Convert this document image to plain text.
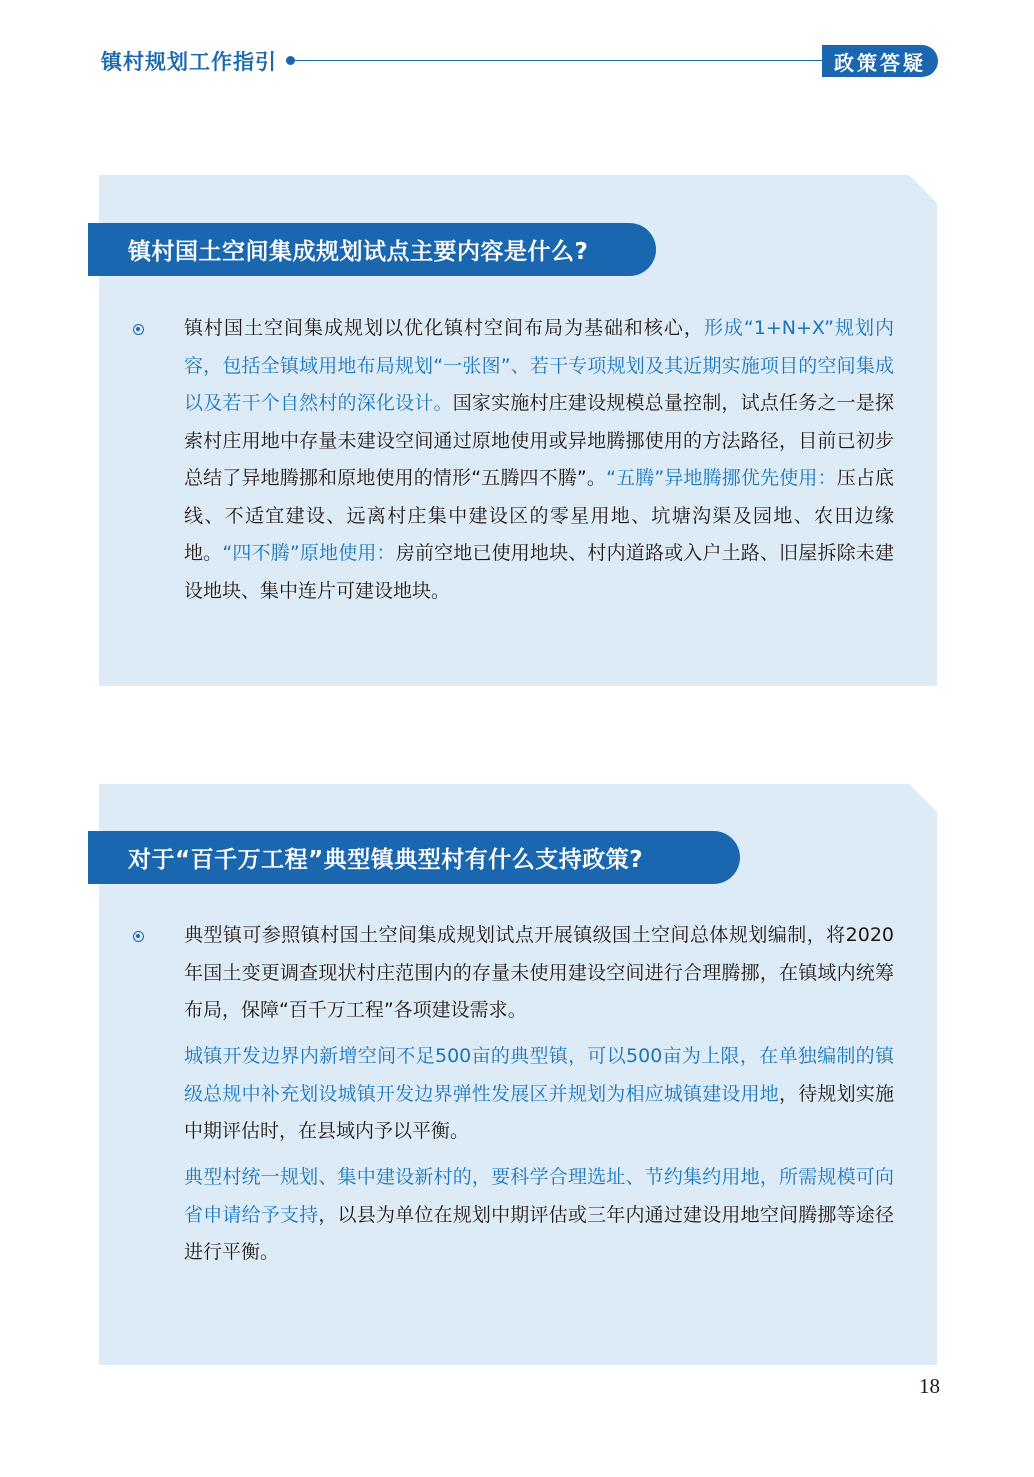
镇村规划工作指引	政策答疑
镇村国土空间集成规划试点主要内容是什么?

镇村国土空间集成规划以优化镇村空间布局为基础和核心，形成“1+N+X”规划内容，包括全镇域用地布局规划“一张图”、若干专项规划及其近期实施项目的空间集成以及若干个自然村的深化设计。国家实施村庄建设规模总量控制，试点任务之一是探索村庄用地中存量未建设空间通过原地使用或异地腾挪使用的方法路径，目前已初步总结了异地腾挪和原地使用的情形“五腾四不腾”。“五腾”异地腾挪优先使用：压占底线、不适宜建设、远离村庄集中建设区的零星用地、坑塘沟渠及园地、农田边缘地。“四不腾”原地使用：房前空地已使用地块、村内道路或入户土路、旧屋拆除未建设地块、集中连片可建设地块。

对于“百千万工程”典型镇典型村有什么支持政策?

典型镇可参照镇村国土空间集成规划试点开展镇级国土空间总体规划编制，将2020年国土变更调查现状村庄范围内的存量未使用建设空间进行合理腾挪，在镇域内统筹布局，保障“百千万工程”各项建设需求。

城镇开发边界内新增空间不足500亩的典型镇，可以500亩为上限，在单独编制的镇级总规中补充划设城镇开发边界弹性发展区并规划为相应城镇建设用地，待规划实施中期评估时，在县域内予以平衡。

典型村统一规划、集中建设新村的，要科学合理选址、节约集约用地，所需规模可向省申请给予支持，以县为单位在规划中期评估或三年内通过建设用地空间腾挪等途径进行平衡。

18
